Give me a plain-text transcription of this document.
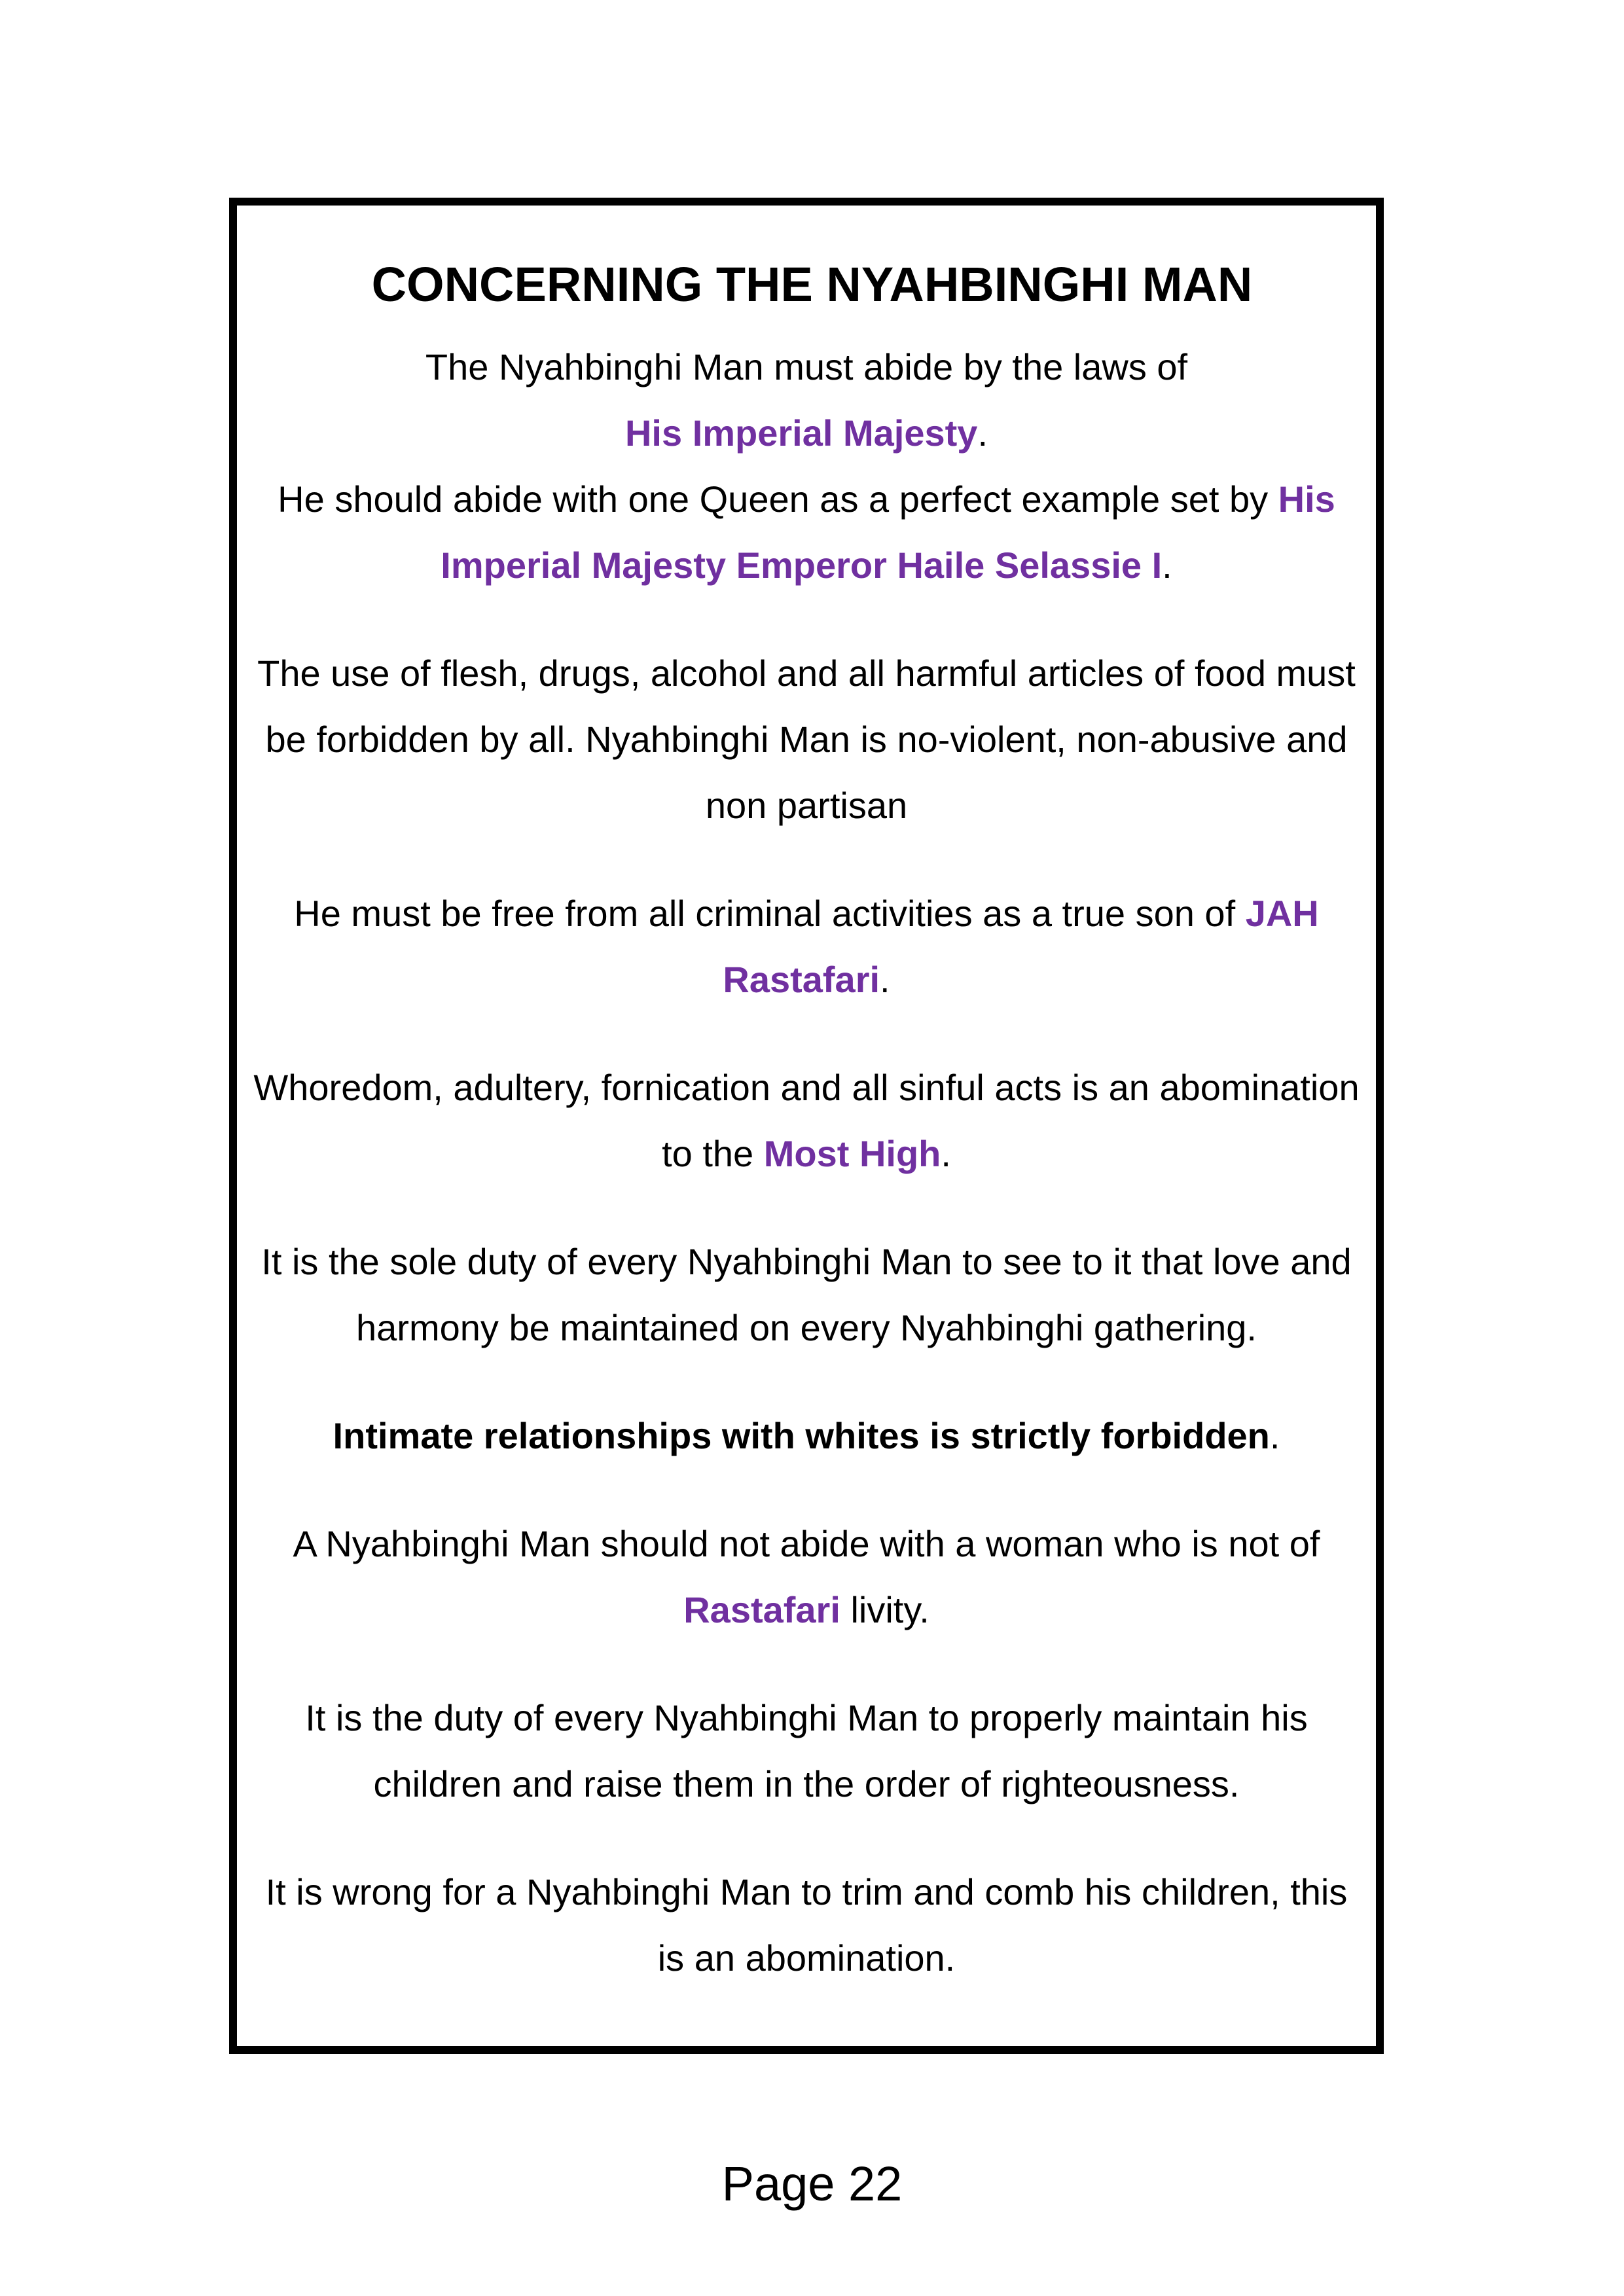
CONCERNING THE NYAHBINGHI MAN

The Nyahbinghi Man must abide by the laws of
His Imperial Majesty.

He should abide with one Queen as a perfect example set by His Imperial Majesty Emperor Haile Selassie I.

The use of flesh, drugs, alcohol and all harmful articles of food must be forbidden by all. Nyahbinghi Man is no-violent, non-abusive and non partisan

He must be free from all criminal activities as a true son of JAH Rastafari.

Whoredom, adultery, fornication and all sinful acts is an abomination to the Most High.

It is the sole duty of every Nyahbinghi Man to see to it that love and harmony be maintained on every Nyahbinghi gathering.

Intimate relationships with whites is strictly forbidden.

A Nyahbinghi Man should not abide with a woman who is not of Rastafari livity.

It is the duty of every Nyahbinghi Man to properly maintain his children and raise them in the order of righteousness.

It is wrong for a Nyahbinghi Man to trim and comb his children, this is an abomination.

Page 22
